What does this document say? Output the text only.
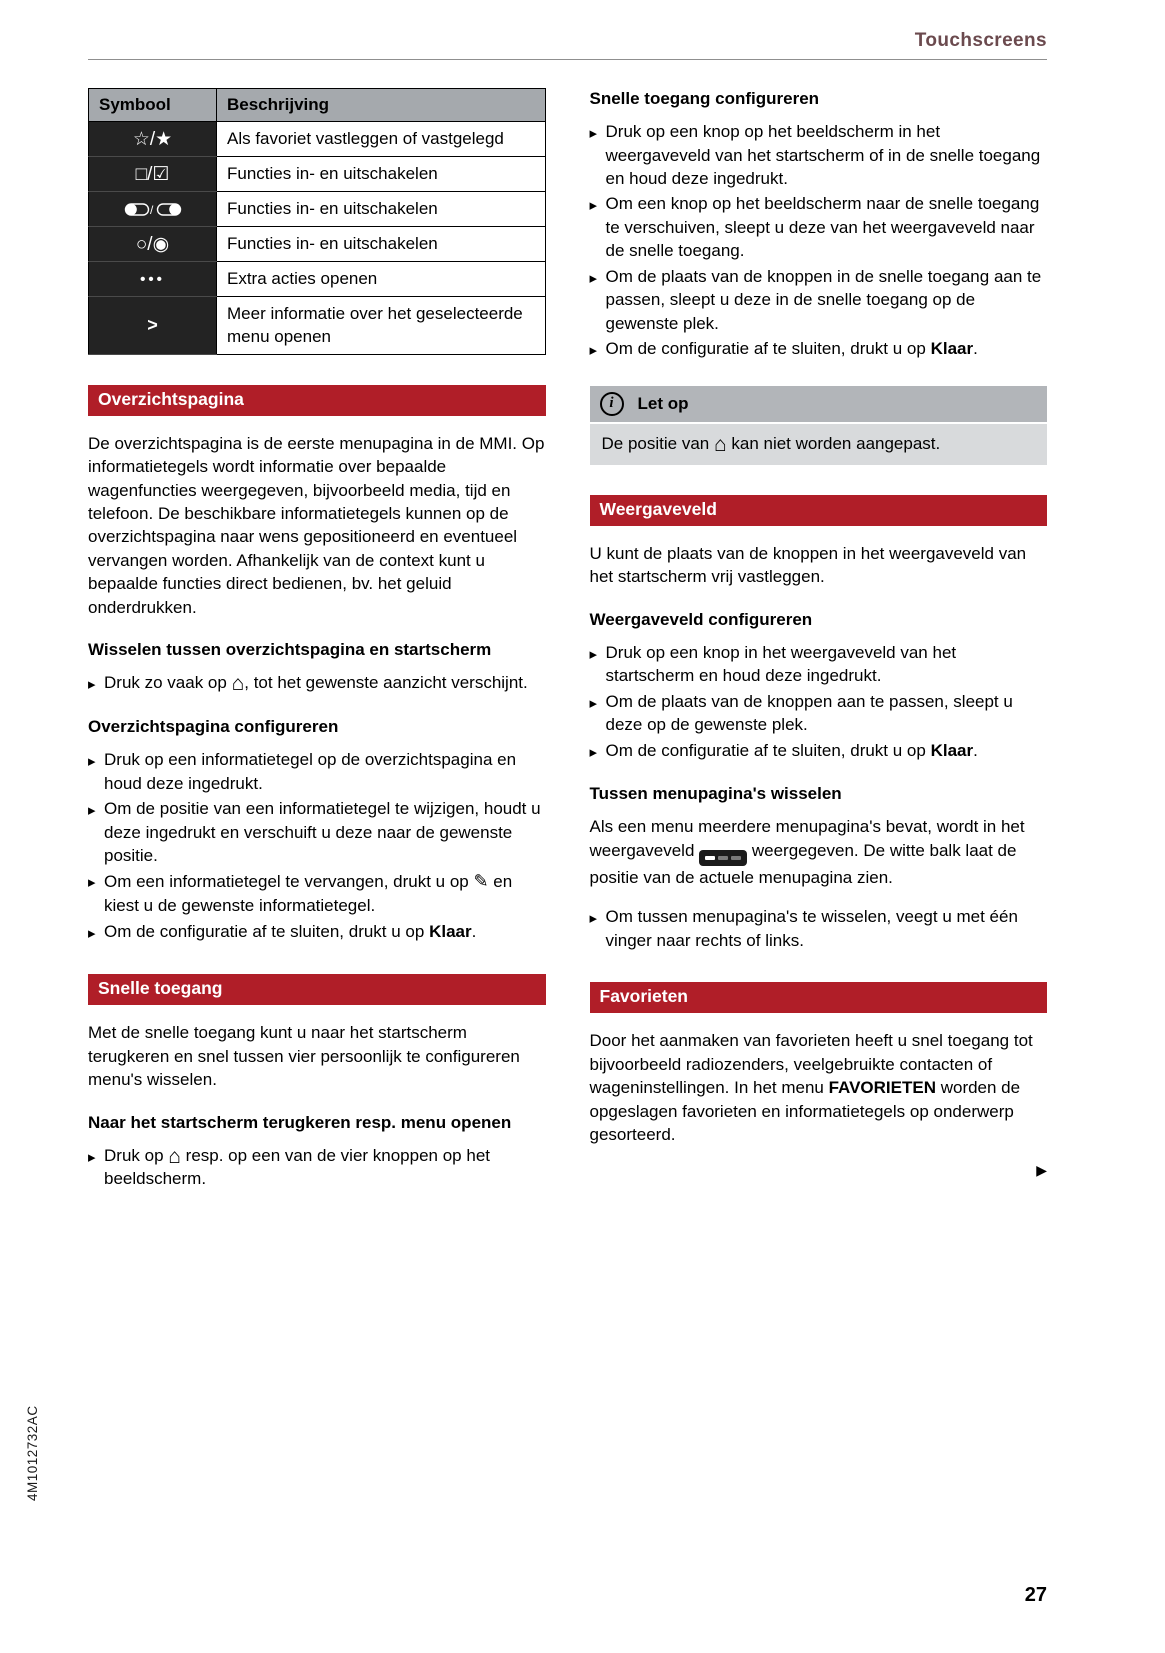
Touchscreens
Symbool	Beschrijving
☆/★	Als favoriet vastleggen of vastgelegd
□/☑	Functies in- en uitschakelen

/	Functies in- en uitschakelen
○/◉	Functies in- en uitschakelen
•••	Extra acties openen
>	Meer informatie over het geselecteerde menu openen
Overzichtspagina

De overzichtspagina is de eerste menupagina in de MMI. Op informatietegels wordt informatie over bepaalde wagenfuncties weergegeven, bijvoorbeeld media, tijd en telefoon. De beschikbare informatietegels kunnen op de overzichtspagina naar wens gepositioneerd en eventueel vervangen worden. Afhankelijk van de context kunt u bepaalde functies direct bedienen, bv. het geluid onderdrukken.

Wisselen tussen overzichtspagina en startscherm
▸
Druk zo vaak op ⌂, tot het gewenste aanzicht verschijnt.
Overzichtspagina configureren
▸
Druk op een informatietegel op de overzichtspagina en houd deze ingedrukt.
▸
Om de positie van een informatietegel te wijzigen, houdt u deze ingedrukt en verschuift u deze naar de gewenste positie.
▸
Om een informatietegel te vervangen, drukt u op ✎ en kiest u de gewenste informatietegel.
▸
Om de configuratie af te sluiten, drukt u op Klaar.
Snelle toegang

Met de snelle toegang kunt u naar het startscherm terugkeren en snel tussen vier persoonlijk te configureren menu's wisselen.

Naar het startscherm terugkeren resp. menu openen
▸
Druk op ⌂ resp. op een van de vier knoppen op het beeldscherm.
Snelle toegang configureren
▸
Druk op een knop op het beeldscherm in het weergaveveld van het startscherm of in de snelle toegang en houd deze ingedrukt.
▸
Om een knop op het beeldscherm naar de snelle toegang te verschuiven, sleept u deze van het weergaveveld naar de snelle toegang.
▸
Om de plaats van de knoppen in de snelle toegang aan te passen, sleept u deze in de snelle toegang op de gewenste plek.
▸
Om de configuratie af te sluiten, drukt u op Klaar.
i
Let op
De positie van ⌂ kan niet worden aangepast.
Weergaveveld

U kunt de plaats van de knoppen in het weergaveveld van het startscherm vrij vastleggen.

Weergaveveld configureren
▸
Druk op een knop in het weergaveveld van het startscherm en houd deze ingedrukt.
▸
Om de plaats van de knoppen aan te passen, sleept u deze op de gewenste plek.
▸
Om de configuratie af te sluiten, drukt u op Klaar.
Tussen menupagina's wisselen

Als een menu meerdere menupagina's bevat, wordt in het weergaveveld	weergegeven. De witte balk laat de positie van de actuele menupagina zien.

▸
Om tussen menupagina's te wisselen, veegt u met één vinger naar rechts of links.
Favorieten

Door het aanmaken van favorieten heeft u snel toegang tot bijvoorbeeld radiozenders, veelgebruikte contacten of wageninstellingen. In het menu FAVORIETEN worden de opgeslagen favorieten en informatietegels op onderwerp gesorteerd.

▶
4M1012732AC
27
